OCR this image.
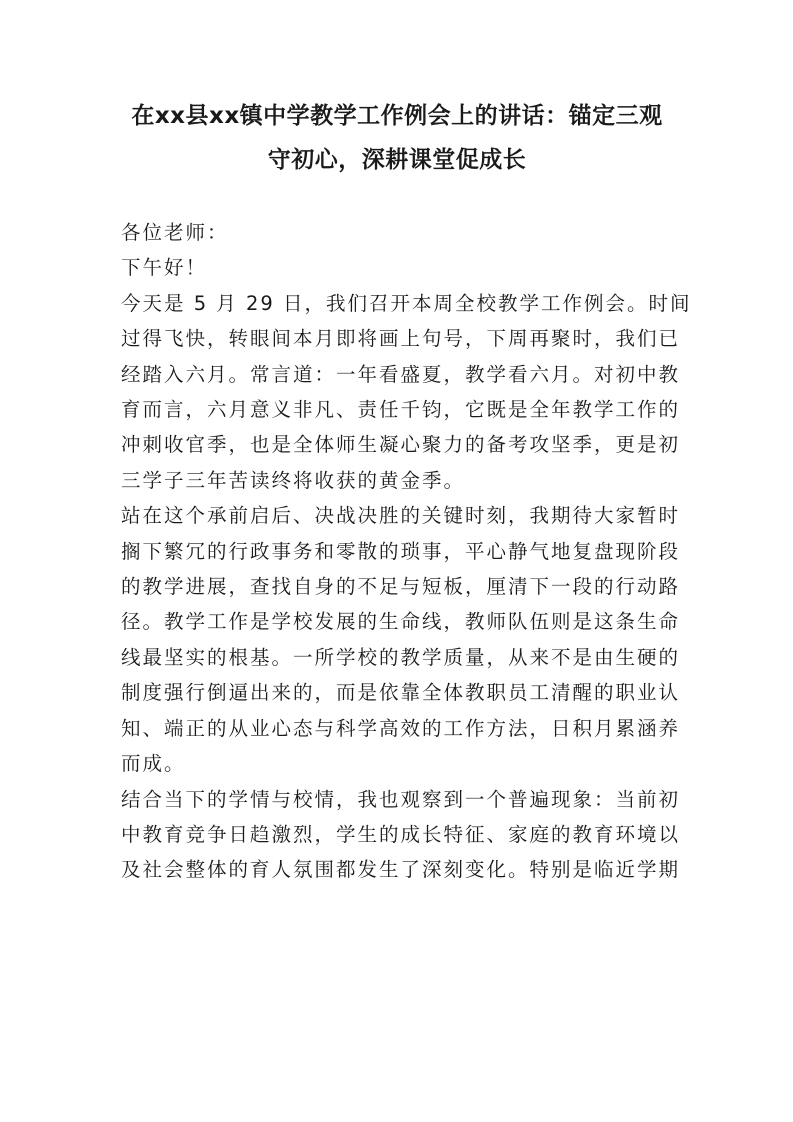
在xx县xx镇中学教学工作例会上的讲话：锚定三观
守初心，深耕课堂促成长

各位老师：

下午好！

今天是 5 月 29 日，我们召开本周全校教学工作例会。时间
过得飞快，转眼间本月即将画上句号，下周再聚时，我们已
经踏入六月。常言道：一年看盛夏，教学看六月。对初中教
育而言，六月意义非凡、责任千钧，它既是全年教学工作的
冲刺收官季，也是全体师生凝心聚力的备考攻坚季，更是初
三学子三年苦读终将收获的黄金季。

站在这个承前启后、决战决胜的关键时刻，我期待大家暂时
搁下繁冗的行政事务和零散的琐事，平心静气地复盘现阶段
的教学进展，查找自身的不足与短板，厘清下一段的行动路
径。教学工作是学校发展的生命线，教师队伍则是这条生命
线最坚实的根基。一所学校的教学质量，从来不是由生硬的
制度强行倒逼出来的，而是依靠全体教职员工清醒的职业认
知、端正的从业心态与科学高效的工作方法，日积月累涵养
而成。

结合当下的学情与校情，我也观察到一个普遍现象：当前初
中教育竞争日趋激烈，学生的成长特征、家庭的教育环境以
及社会整体的育人氛围都发生了深刻变化。特别是临近学期
